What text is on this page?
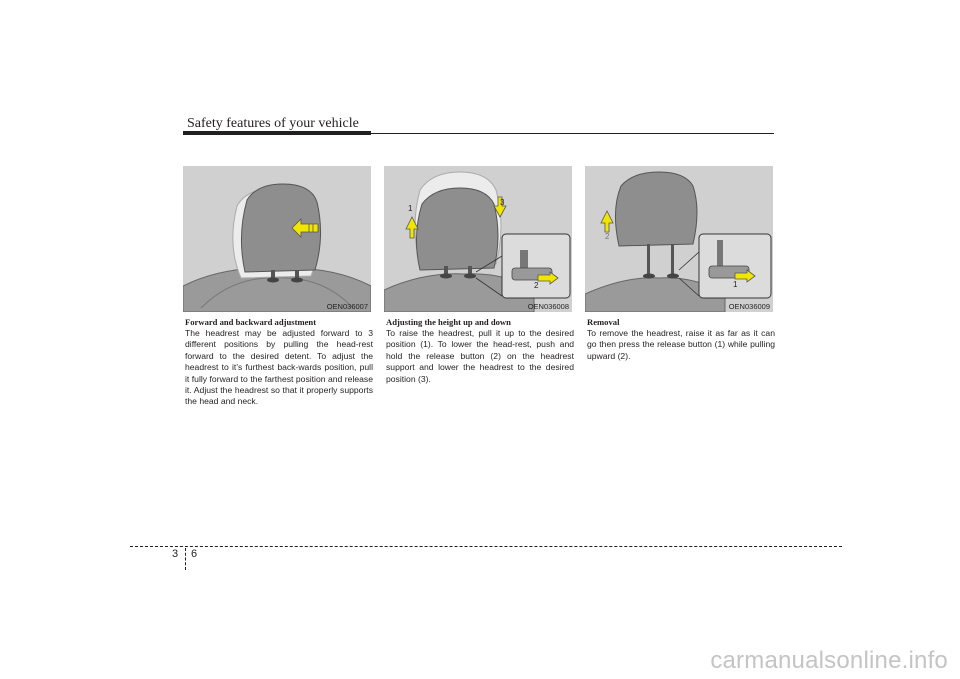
Safety features of your vehicle
OEN036007
1
3
2
OEN036008
2
1
OEN036009

Forward and backward adjustment

The headrest may be adjusted forward to 3 different positions by pulling the head-rest forward to the desired detent. To adjust the headrest to it’s furthest back-wards position, pull it fully forward to the farthest position and release it. Adjust the headrest so that it properly supports the head and neck.

Adjusting the height up and down

To raise the headrest, pull it up to the desired position (1). To lower the head-rest, push and hold the release button (2) on the headrest support and lower the headrest to the desired position (3).

Removal

To remove the headrest, raise it as far as it can go then press the release button (1) while pulling upward (2).

3 6
carmanualsonline.info
